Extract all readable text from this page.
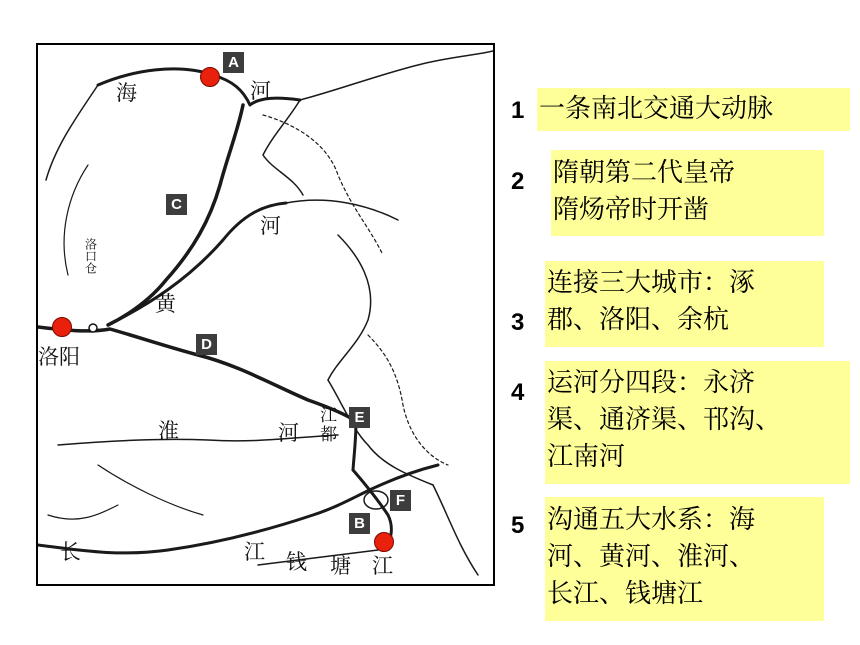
海	河
河
黄
洛阳
洛口仓
淮	河
江都
长	江 钱 塘 江
A
B
C
D
E
F
1 一条南北交通大动脉
2 隋朝第二代皇帝
隋炀帝时开凿
3
连接三大城市：涿
郡、洛阳、余杭
4 运河分四段：永济
渠、通济渠、邗沟、
江南河
5 沟通五大水系：海
河、黄河、淮河、
长江、钱塘江
